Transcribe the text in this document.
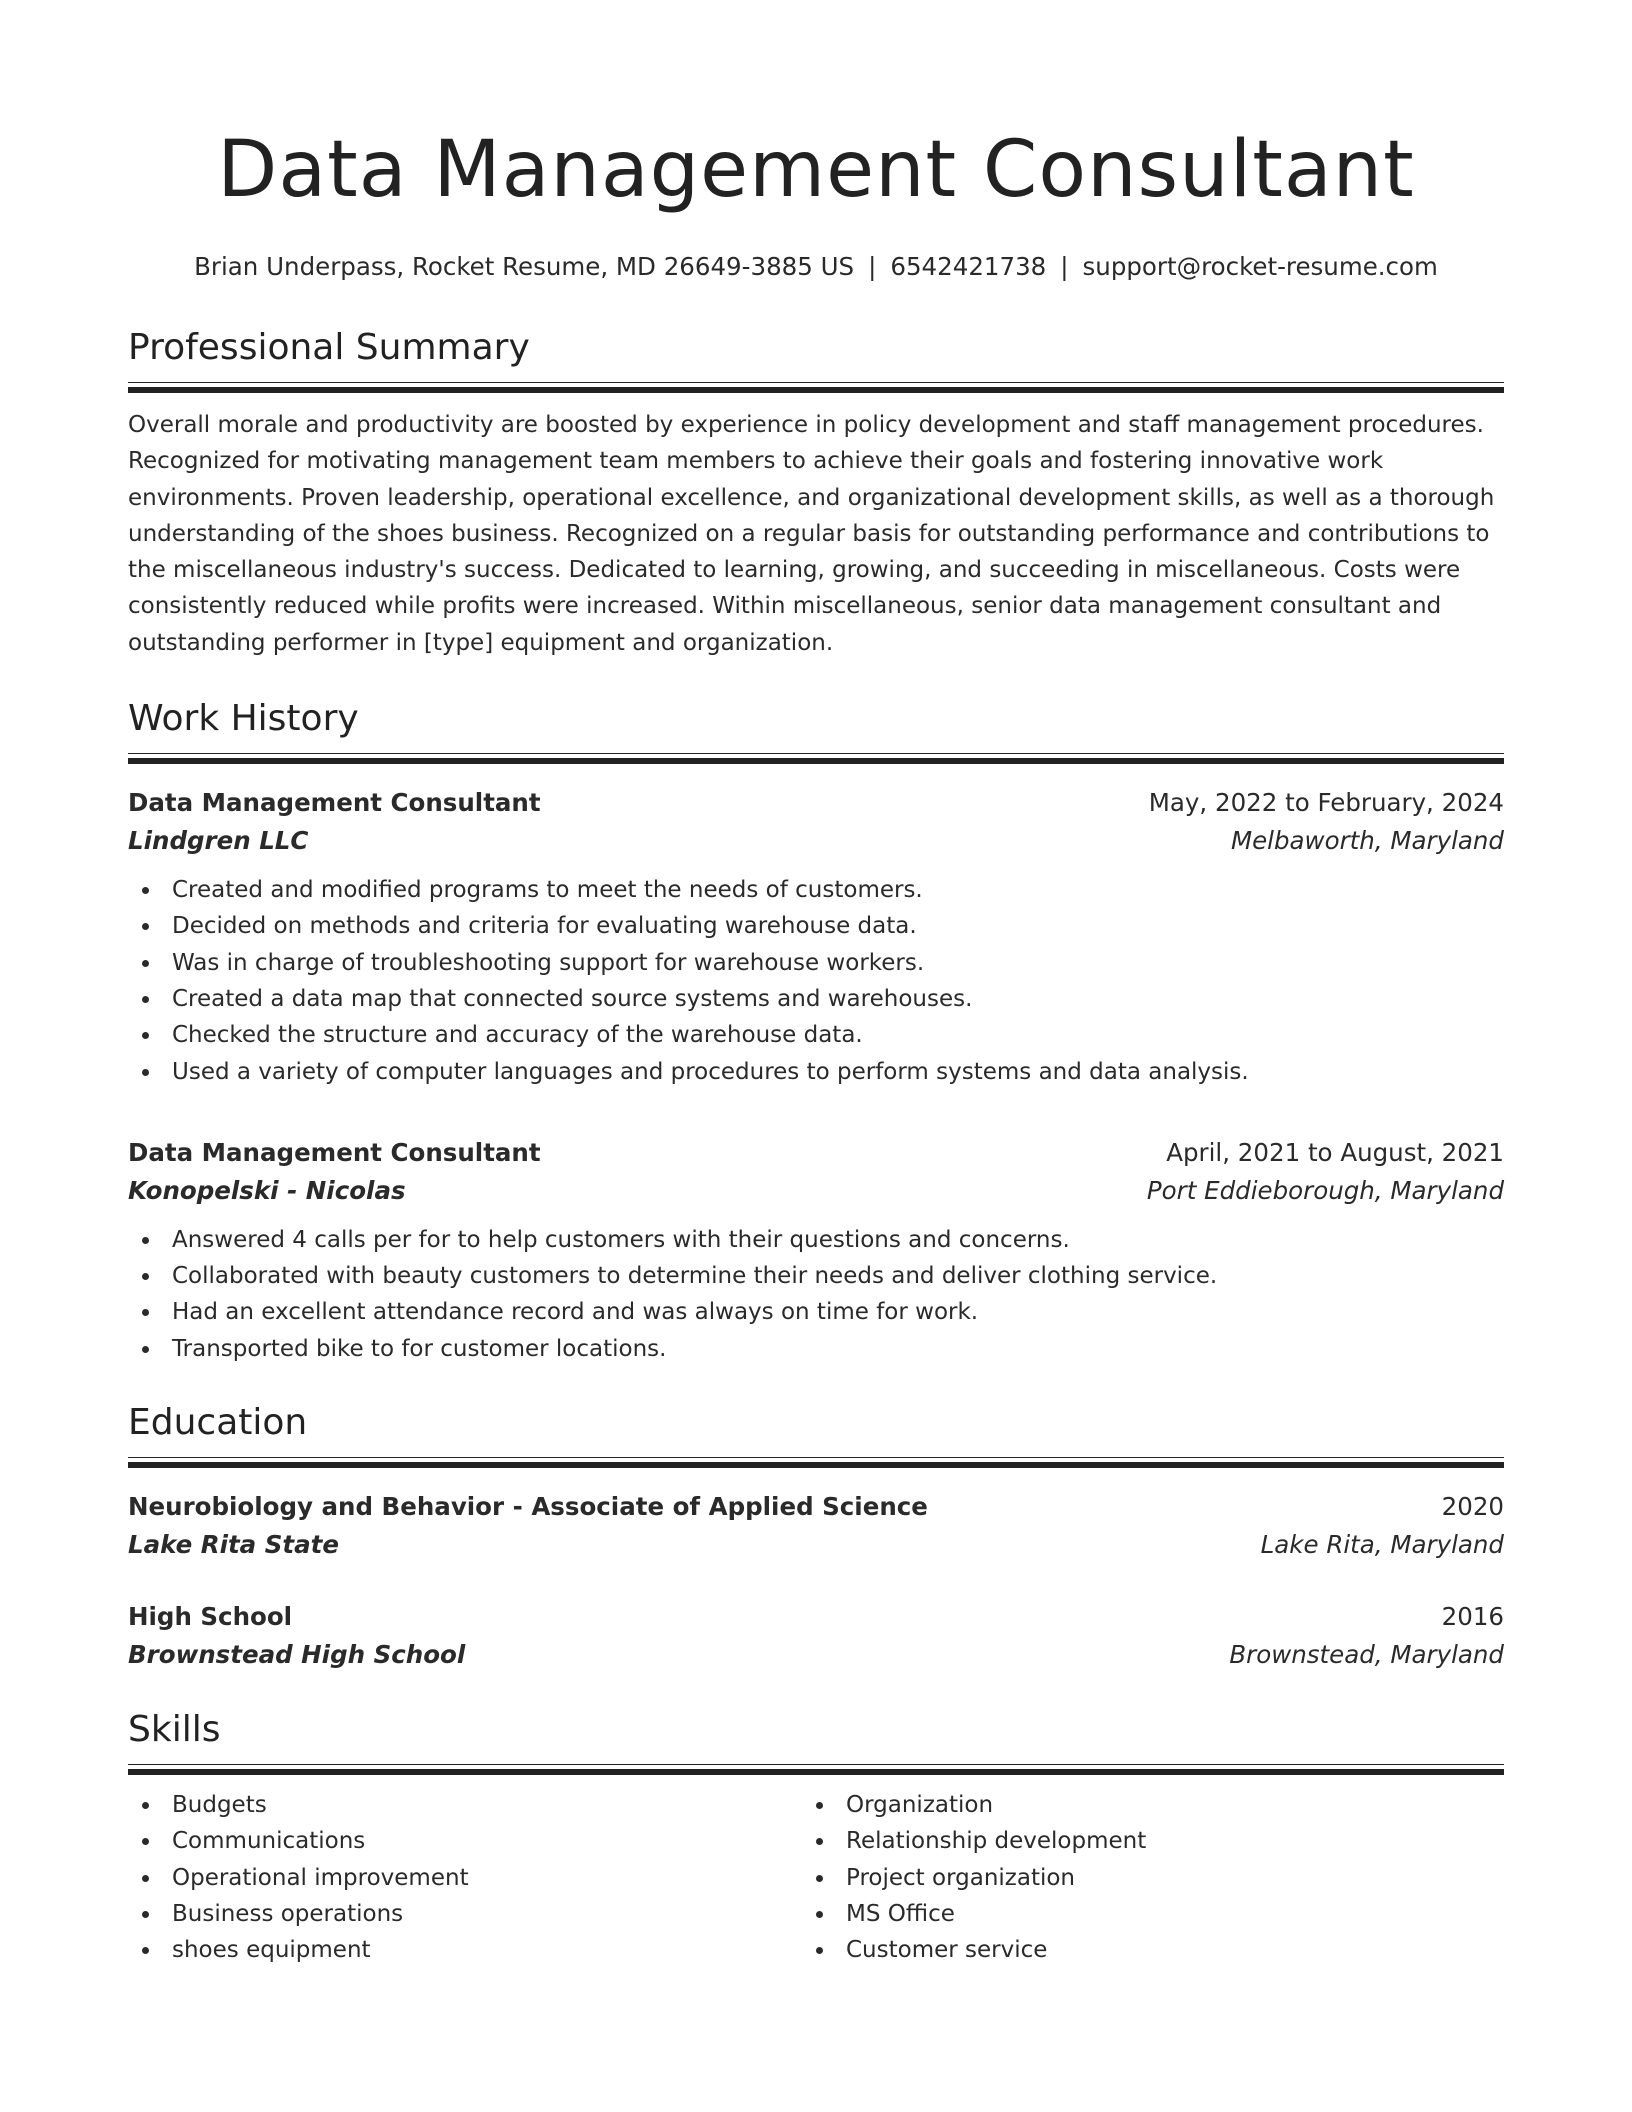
Data Management Consultant
Brian Underpass, Rocket Resume, MD 26649-3885 US | 6542421738 | support@rocket-resume.com
Professional Summary
Overall morale and productivity are boosted by experience in policy development and staff management procedures. Recognized for motivating management team members to achieve their goals and fostering innovative work environments. Proven leadership, operational excellence, and organizational development skills, as well as a thorough understanding of the shoes business. Recognized on a regular basis for outstanding performance and contributions to the miscellaneous industry's success. Dedicated to learning, growing, and succeeding in miscellaneous. Costs were consistently reduced while profits were increased. Within miscellaneous, senior data management consultant and outstanding performer in [type] equipment and organization.
Work History
Data Management Consultant	May, 2022 to February, 2024
Lindgren LLC	Melbaworth, Maryland
Created and modified programs to meet the needs of customers.
Decided on methods and criteria for evaluating warehouse data.
Was in charge of troubleshooting support for warehouse workers.
Created a data map that connected source systems and warehouses.
Checked the structure and accuracy of the warehouse data.
Used a variety of computer languages and procedures to perform systems and data analysis.
Data Management Consultant	April, 2021 to August, 2021
Konopelski - Nicolas	Port Eddieborough, Maryland
Answered 4 calls per for to help customers with their questions and concerns.
Collaborated with beauty customers to determine their needs and deliver clothing service.
Had an excellent attendance record and was always on time for work.
Transported bike to for customer locations.
Education
Neurobiology and Behavior - Associate of Applied Science	2020
Lake Rita State	Lake Rita, Maryland
High School	2016
Brownstead High School	Brownstead, Maryland
Skills
Budgets
Communications
Operational improvement
Business operations
shoes equipment
Organization
Relationship development
Project organization
MS Office
Customer service
